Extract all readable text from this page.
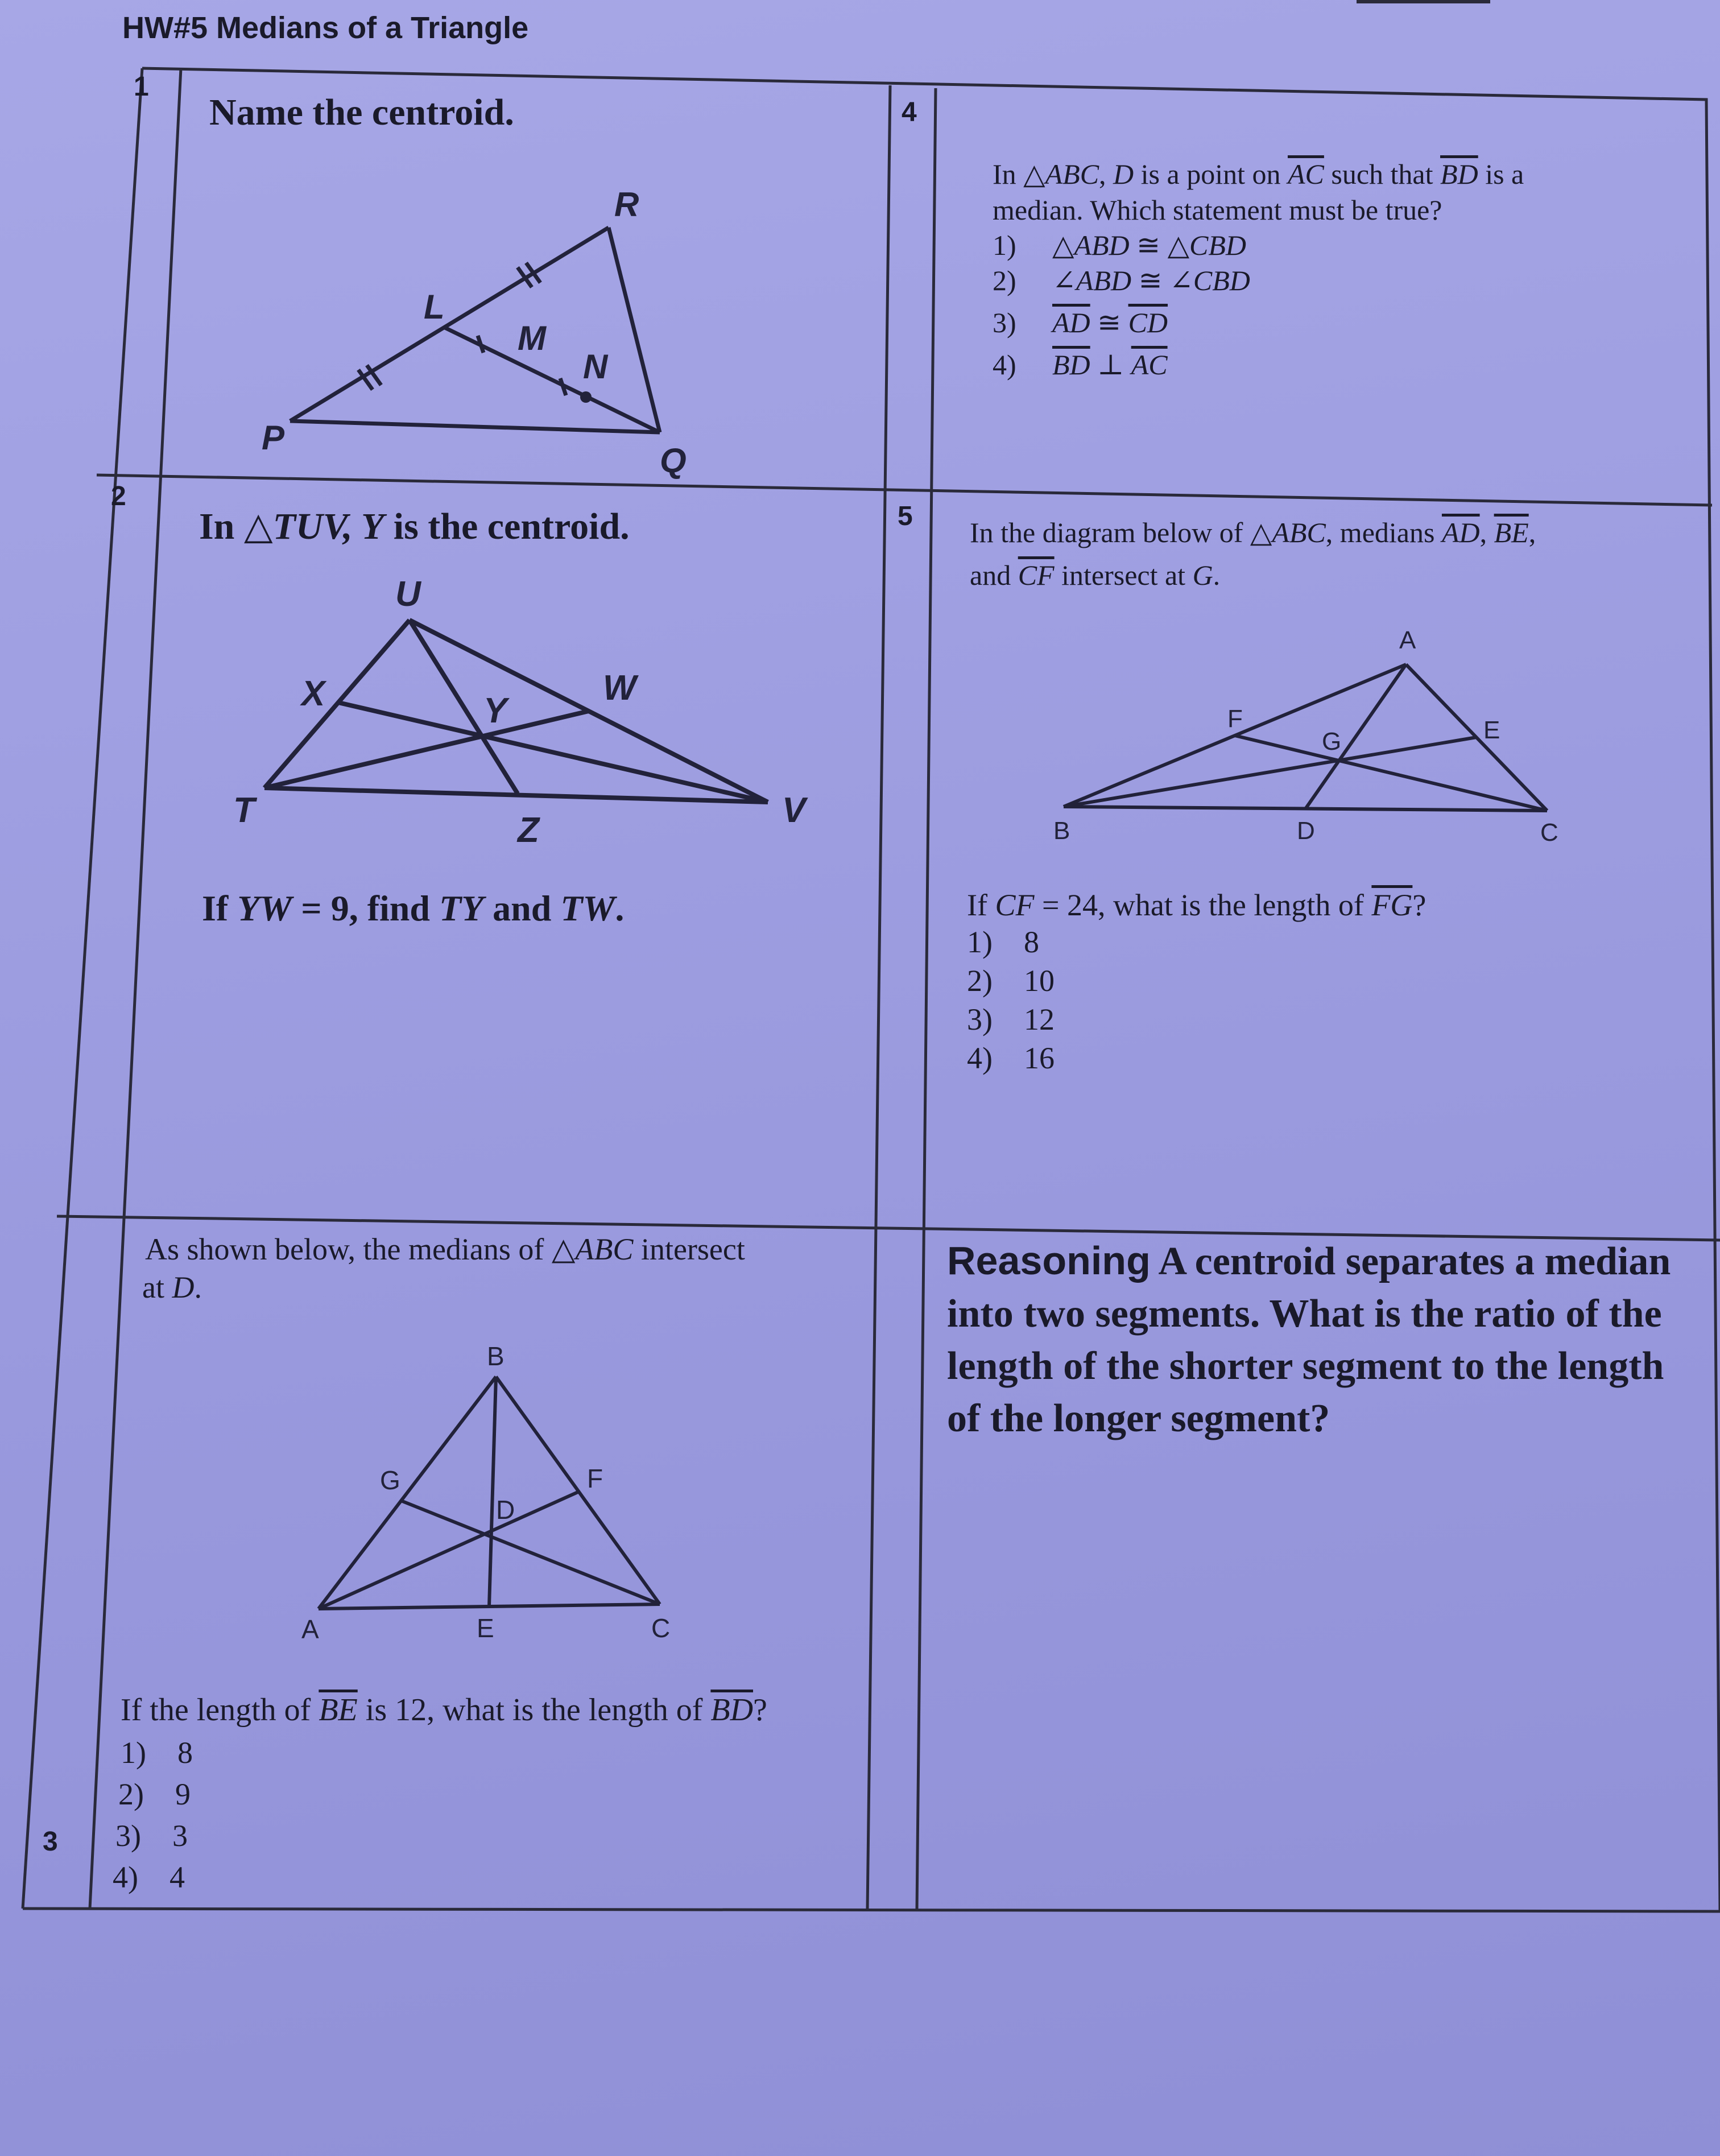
HW#5 Medians of a Triangle
1
Name the centroid.
R
L
M
N
P
Q
4
In △ABC, D is a point on $\overline{AC}$ such that $\overline{BD}$ is a
median. Which statement must be true?
1) △ABD ≅ △CBD
2) ∠ABD ≅ ∠CBD
3) $\overline{AD}$ ≅ $\overline{CD}$
4) $\overline{BD}$ ⊥ $\overline{AC}$
2
In △TUV, Y is the centroid.
U
X	Y
W
T
Z
V
If YW = 9, find TY and TW.
5
In the diagram below of △ABC, medians $\overline{AD}$, $\overline{BE}$,
and $\overline{CF}$ intersect at G.
A
F
G	E
B	D	C
If CF = 24, what is the length of $\overline{FG}$?
1) 8
2) 10
3) 12
4) 16
As shown below, the medians of △ABC intersect
at D.
B
G	F
D
A	E	C
If the length of $\overline{BE}$ is 12, what is the length of $\overline{BD}$?
1) 8
2) 9
3) 3
4) 4
3
Reasoning A centroid separates a median into two segments. What is the ratio of the length of the shorter segment to the length of the longer segment?
